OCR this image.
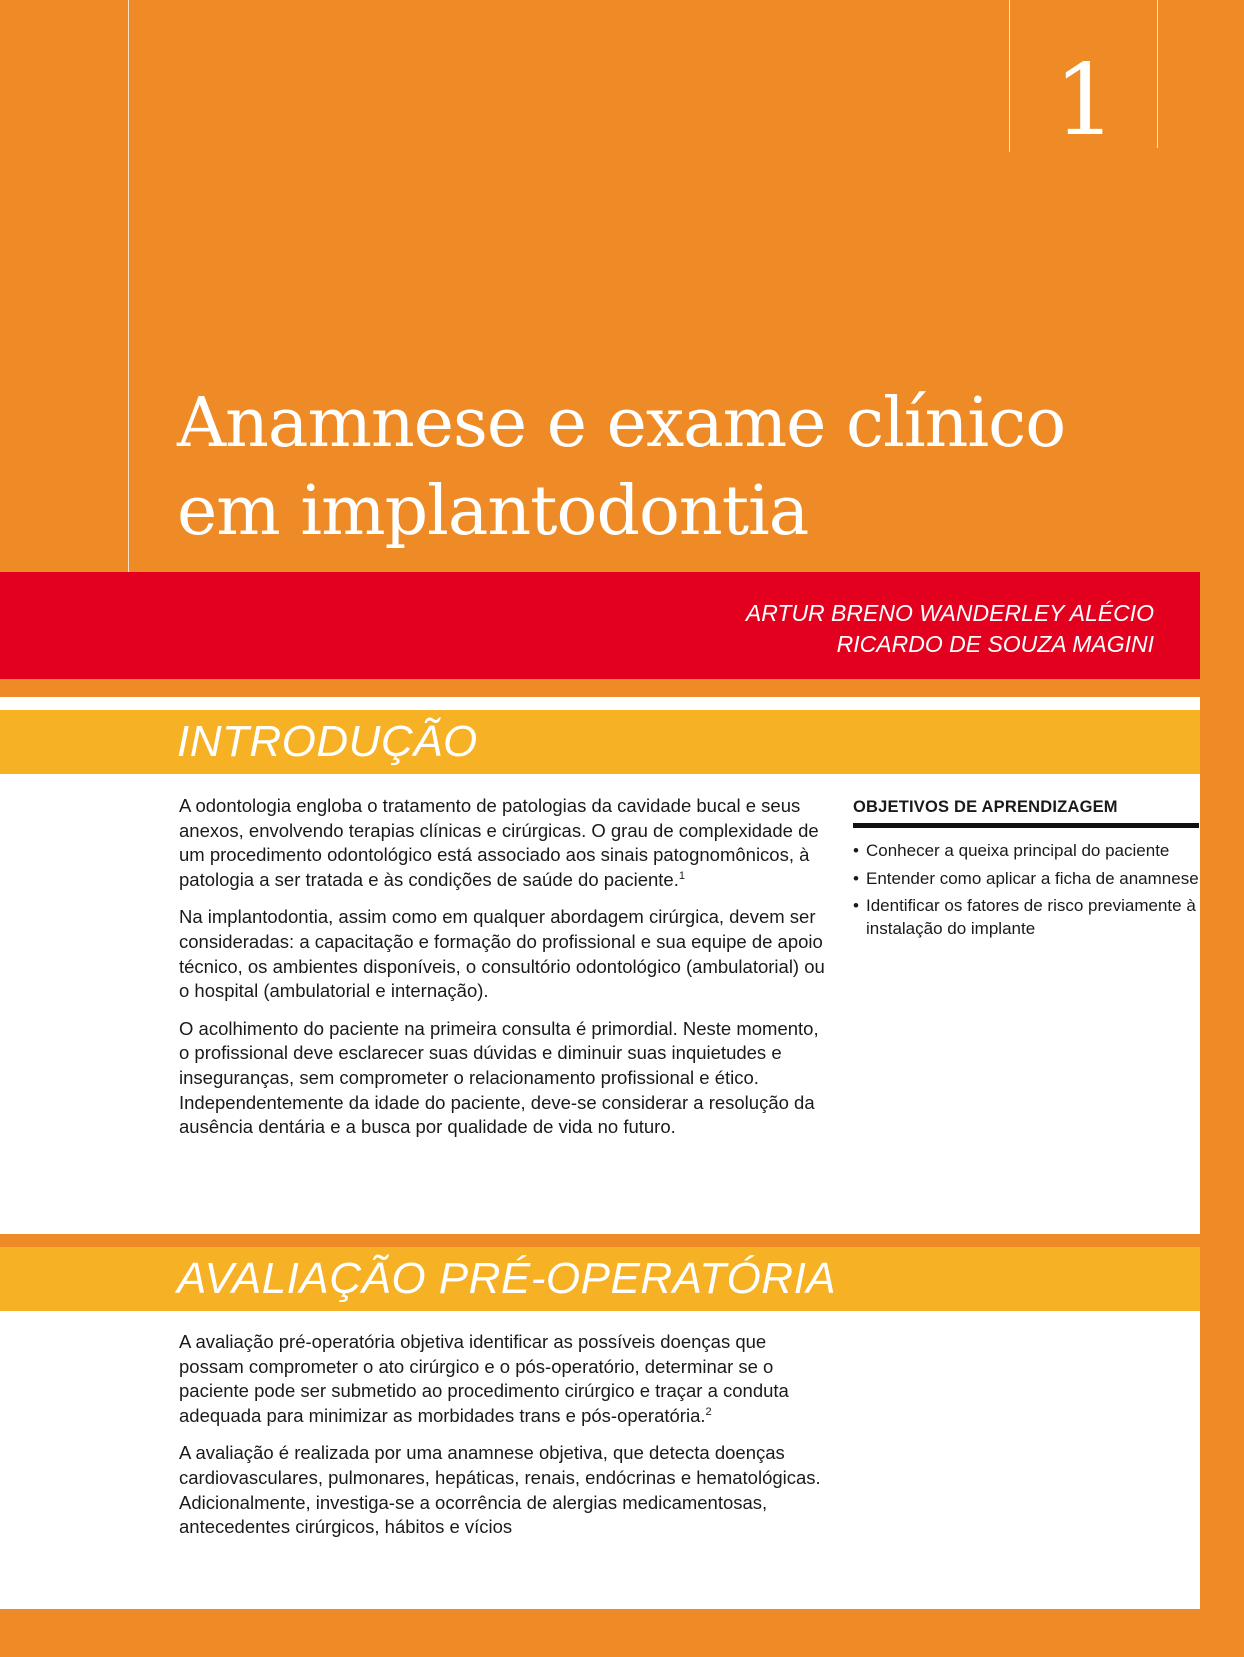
1
Anamnese e exame clínico
em implantodontia
ARTUR BRENO WANDERLEY ALÉCIO
RICARDO DE SOUZA MAGINI
INTRODUÇÃO

A odontologia engloba o tratamento de patologias da cavidade bucal e seus anexos, envolvendo terapias clínicas e cirúrgicas. O grau de complexidade de um procedimento odontológico está associado aos sinais patognomônicos, à patologia a ser tratada e às condições de saúde do paciente.$^1$

Na implantodontia, assim como em qualquer abordagem cirúrgica, devem ser consideradas: a capacitação e formação do profissional e sua equipe de apoio técnico, os ambientes disponíveis, o consultório odontológico (ambulatorial) ou o hospital (ambulatorial e internação).

O acolhimento do paciente na primeira consulta é primordial. Neste momento, o profissional deve esclarecer suas dúvidas e diminuir suas inquietudes e inseguranças, sem comprometer o relacionamento profissional e ético. Independentemente da idade do paciente, deve-se considerar a resolução da ausência dentária e a busca por qualidade de vida no futuro.

AVALIAÇÃO PRÉ-OPERATÓRIA

A avaliação pré-operatória objetiva identificar as possíveis doenças que possam comprometer o ato cirúrgico e o pós-operatório, determinar se o paciente pode ser submetido ao procedimento cirúrgico e traçar a conduta adequada para minimizar as morbidades trans e pós-operatória.$^2$

A avaliação é realizada por uma anamnese objetiva, que detecta doenças cardiovasculares, pulmonares, hepáticas, renais, endócrinas e hematológicas. Adicionalmente, investiga-se a ocorrência de alergias medicamentosas, antecedentes cirúrgicos, hábitos e vícios

OBJETIVOS DE APRENDIZAGEM
• Conhecer a queixa principal do paciente
• Entender como aplicar a ficha de anamnese
• Identificar os fatores de risco previamente à instalação do implante
